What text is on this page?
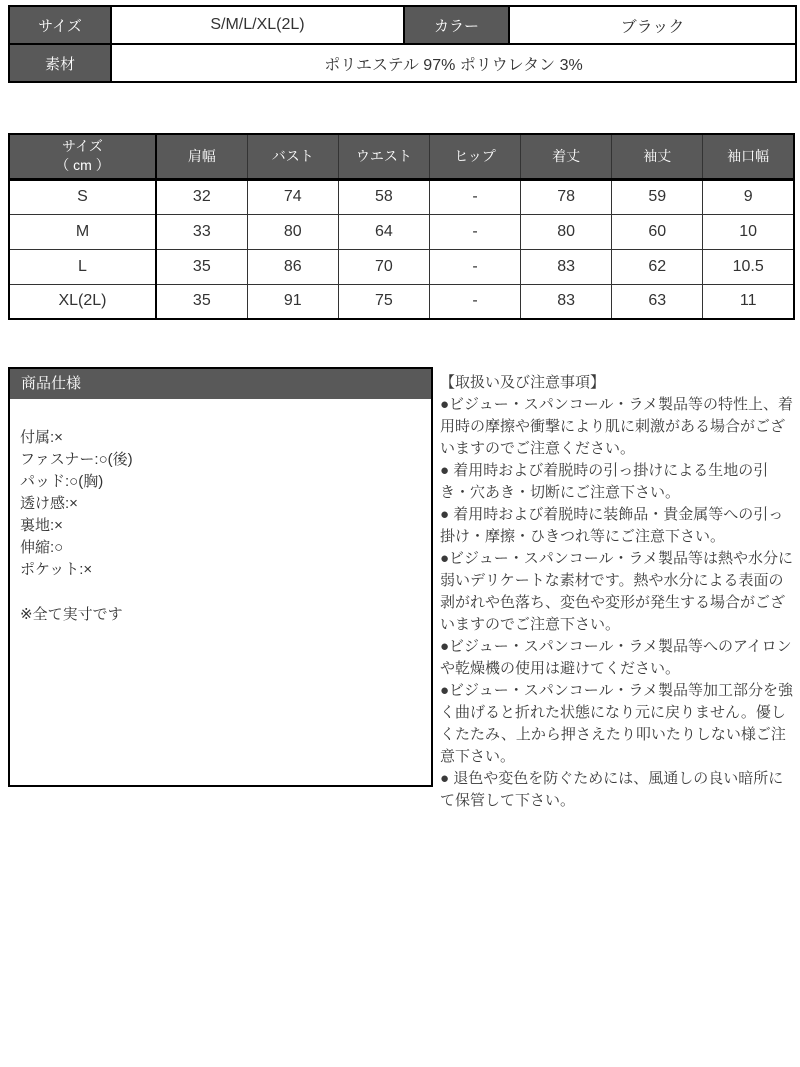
サイズ	S/M/L/XL(2L)	カラー	ブラック
素材	ポリエステル 97% ポリウレタン 3%		
サイズ
（ cm ）	肩幅	バスト	ウエスト	ヒップ	着丈	袖丈	袖口幅
S	32	74	58	-	78	59	9
M	33	80	64	-	80	60	10
L	35	86	70	-	83	62	10.5
XL(2L)	35	91	75	-	83	63	11
商品仕様

付属:×

ファスナー:○(後)

パッド:○(胸)

透け感:×

裏地:×

伸縮:○

ポケット:×

※全て実寸です

【取扱い及び注意事項】

●ビジュー・スパンコール・ラメ製品等の特性上、着用時の摩擦や衝撃により肌に刺激がある場合がございますのでご注意ください。

● 着用時および着脱時の引っ掛けによる生地の引き・穴あき・切断にご注意下さい。

● 着用時および着脱時に装飾品・貴金属等への引っ掛け・摩擦・ひきつれ等にご注意下さい。

●ビジュー・スパンコール・ラメ製品等は熱や水分に弱いデリケートな素材です。熱や水分による表面の剥がれや色落ち、変色や変形が発生する場合がございますのでご注意下さい。

●ビジュー・スパンコール・ラメ製品等へのアイロンや乾燥機の使用は避けてください。

●ビジュー・スパンコール・ラメ製品等加工部分を強く曲げると折れた状態になり元に戻りません。優しくたたみ、上から押さえたり叩いたりしない様ご注意下さい。

● 退色や変色を防ぐためには、風通しの良い暗所にて保管して下さい。
